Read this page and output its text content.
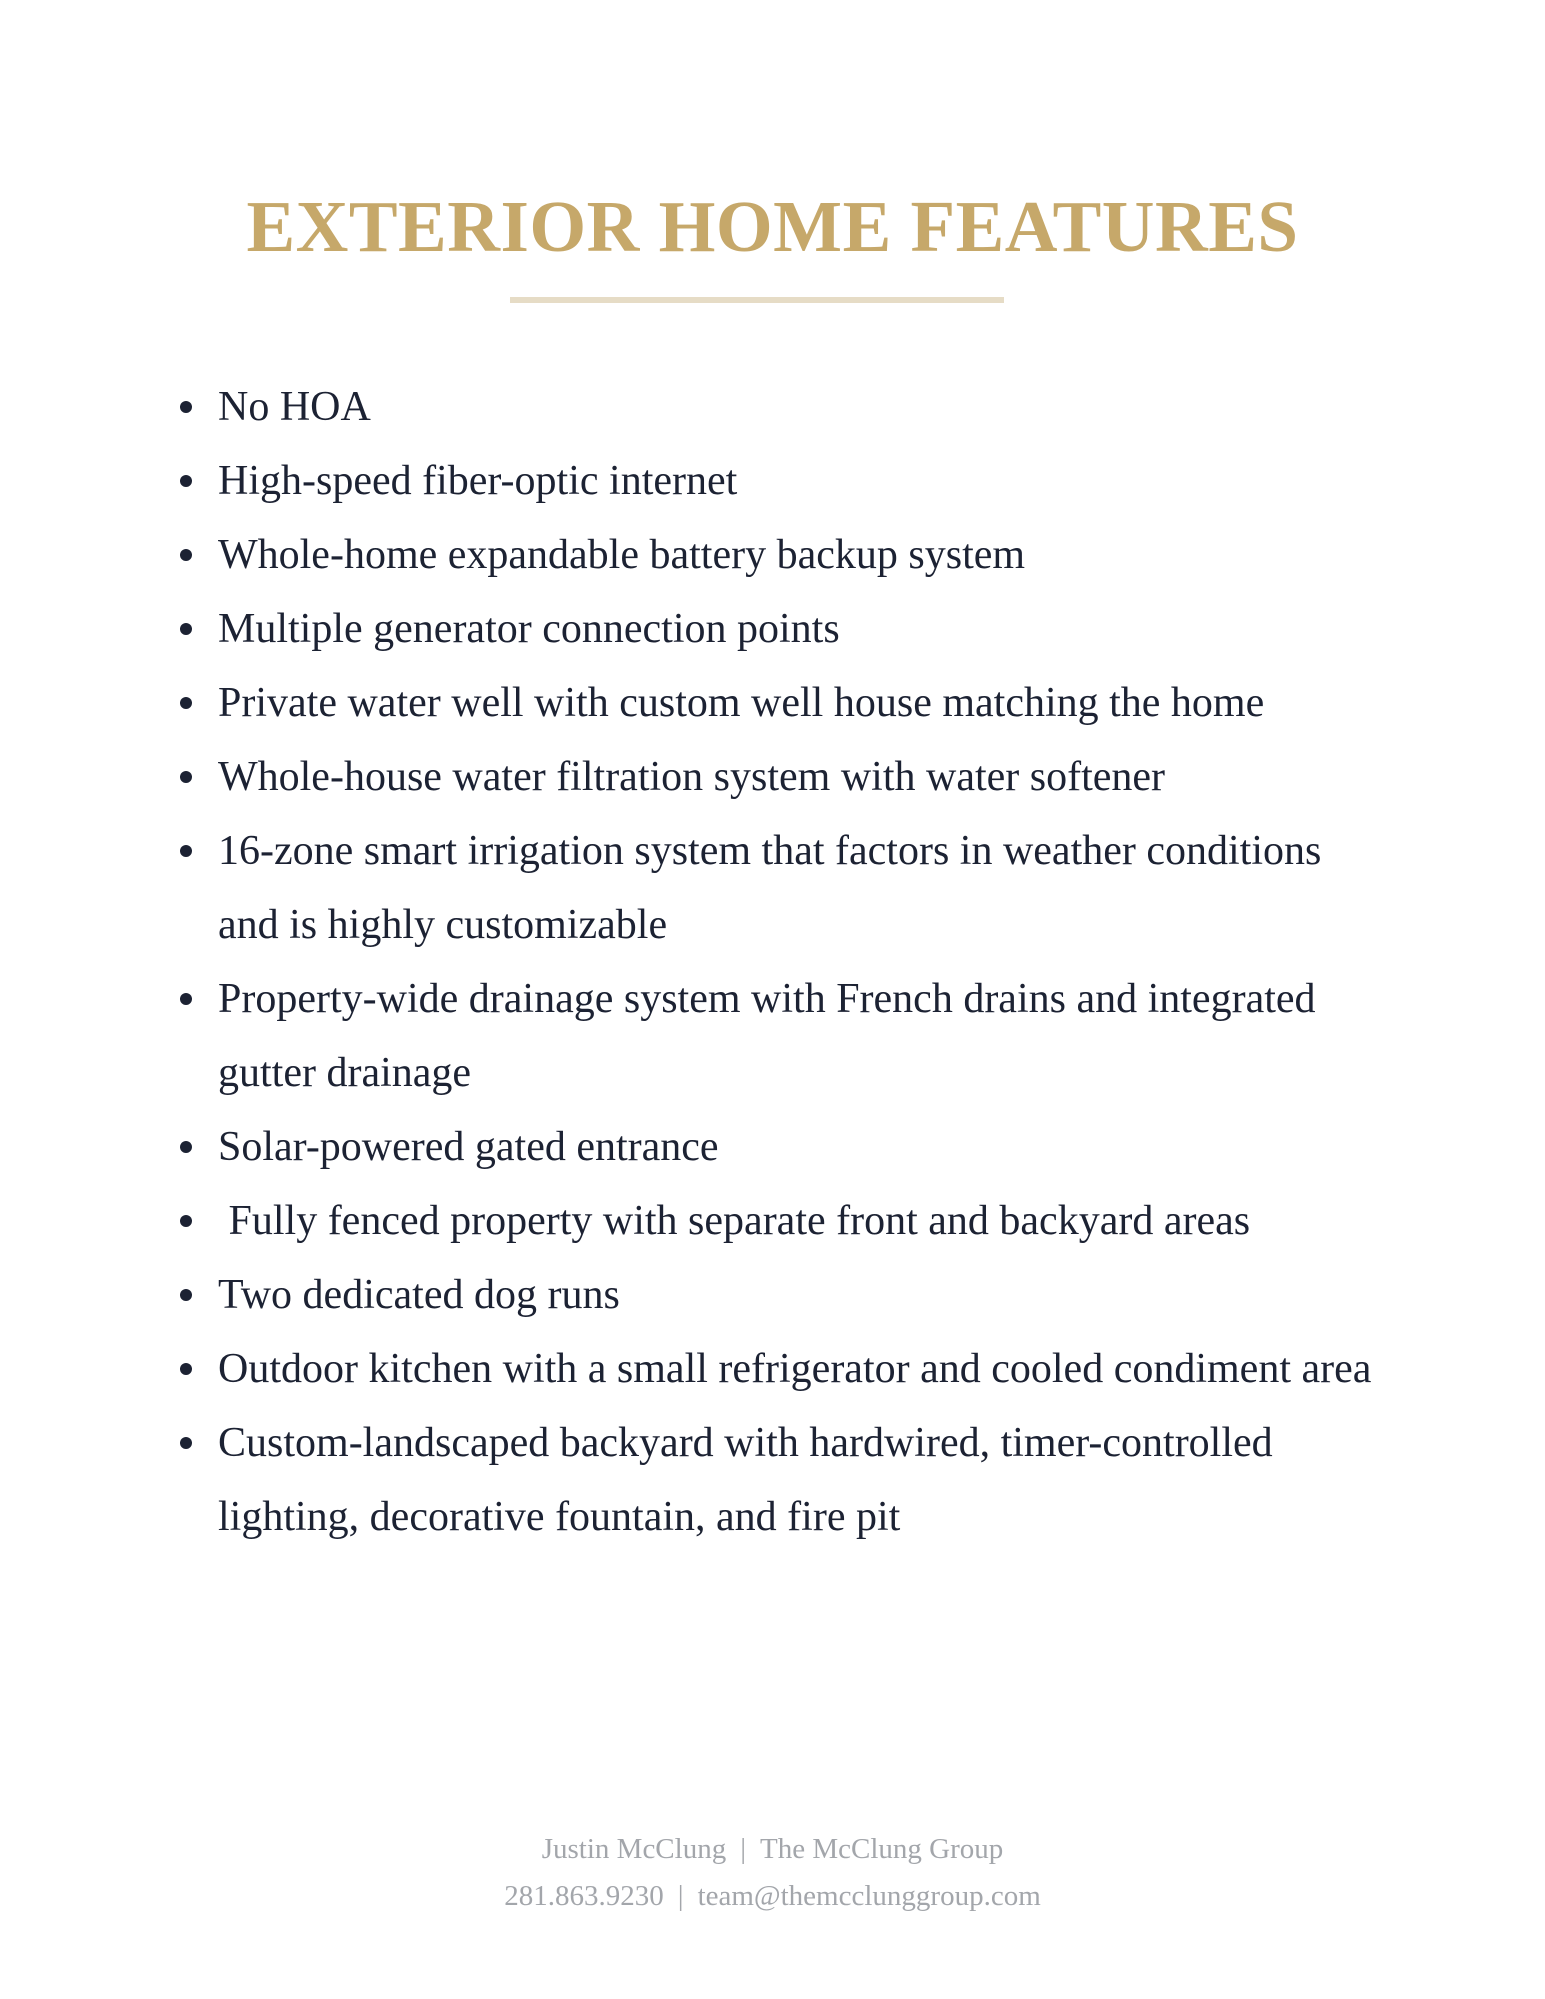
EXTERIOR HOME FEATURES
No HOA
High-speed fiber-optic internet
Whole-home expandable battery backup system
Multiple generator connection points
Private water well with custom well house matching the home
Whole-house water filtration system with water softener
16-zone smart irrigation system that factors in weather conditions and is highly customizable
Property-wide drainage system with French drains and integrated gutter drainage
Solar-powered gated entrance
Fully fenced property with separate front and backyard areas
Two dedicated dog runs
Outdoor kitchen with a small refrigerator and cooled condiment area
Custom-landscaped backyard with hardwired, timer-controlled lighting, decorative fountain, and fire pit
Justin McClung | The McClung Group
281.863.9230 | team@themcclunggroup.com
